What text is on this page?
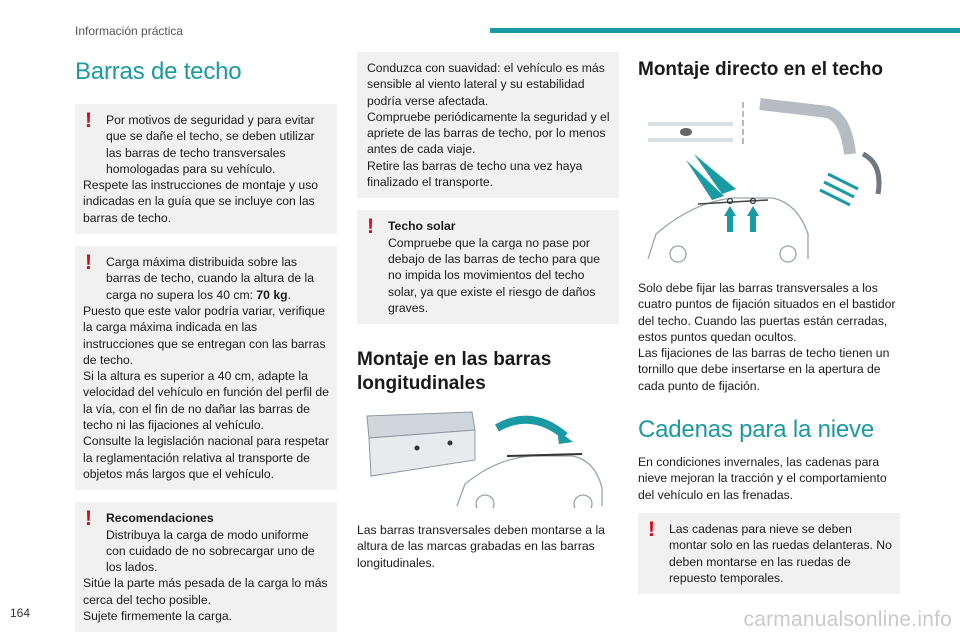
Información práctica
Barras de techo
!	Por motivos de seguridad y para evitar que se dañe el techo, se deben utilizar las barras de techo transversales homologadas para su vehículo.

Respete las instrucciones de montaje y uso indicadas en la guía que se incluye con las barras de techo.

!	Carga máxima distribuida sobre las barras de techo, cuando la altura de la carga no supera los 40 cm: 70 kg.

Puesto que este valor podría variar, verifique la carga máxima indicada en las instrucciones que se entregan con las barras de techo.

Si la altura es superior a 40 cm, adapte la velocidad del vehículo en función del perfil de la vía, con el fin de no dañar las barras de techo ni las fijaciones al vehículo.

Consulte la legislación nacional para respetar la reglamentación relativa al transporte de objetos más largos que el vehículo.

!	Recomendaciones

Distribuya la carga de modo uniforme con cuidado de no sobrecargar uno de los lados.

Sitúe la parte más pesada de la carga lo más cerca del techo posible.

Sujete firmemente la carga.

Conduzca con suavidad: el vehículo es más sensible al viento lateral y su estabilidad podría verse afectada.

Compruebe periódicamente la seguridad y el apriete de las barras de techo, por lo menos antes de cada viaje.

Retire las barras de techo una vez haya finalizado el transporte.

!	Techo solar

Compruebe que la carga no pase por debajo de las barras de techo para que no impida los movimientos del techo solar, ya que existe el riesgo de daños graves.

Montaje en las barras longitudinales

Las barras transversales deben montarse a la altura de las marcas grabadas en las barras longitudinales.

Montaje directo en el techo

Solo debe fijar las barras transversales a los cuatro puntos de fijación situados en el bastidor del techo. Cuando las puertas están cerradas, estos puntos quedan ocultos.

Las fijaciones de las barras de techo tienen un tornillo que debe insertarse en la apertura de cada punto de fijación.

Cadenas para la nieve

En condiciones invernales, las cadenas para nieve mejoran la tracción y el comportamiento del vehículo en las frenadas.

!	Las cadenas para nieve se deben montar solo en las ruedas delanteras. No deben montarse en las ruedas de repuesto temporales.

164	carmanualsonline.info
